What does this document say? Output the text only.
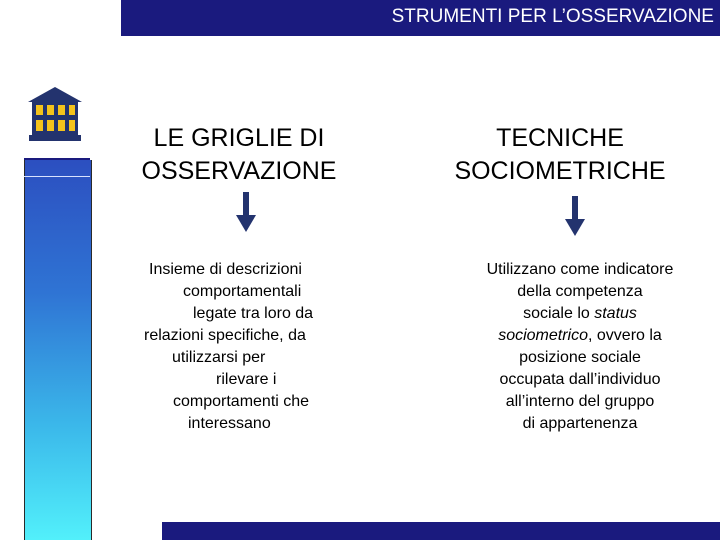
STRUMENTI PER L’OSSERVAZIONE
LE GRIGLIE DI
OSSERVAZIONE
TECNICHE
SOCIOMETRICHE
Insieme di descrizioni
comportamentali
legate tra loro da
relazioni specifiche, da
utilizzarsi per
rilevare i
comportamenti che
interessano
Utilizzano come indicatore
della competenza
sociale lo status
sociometrico, ovvero la
posizione sociale
occupata dall’individuo
all’interno del gruppo
di appartenenza
